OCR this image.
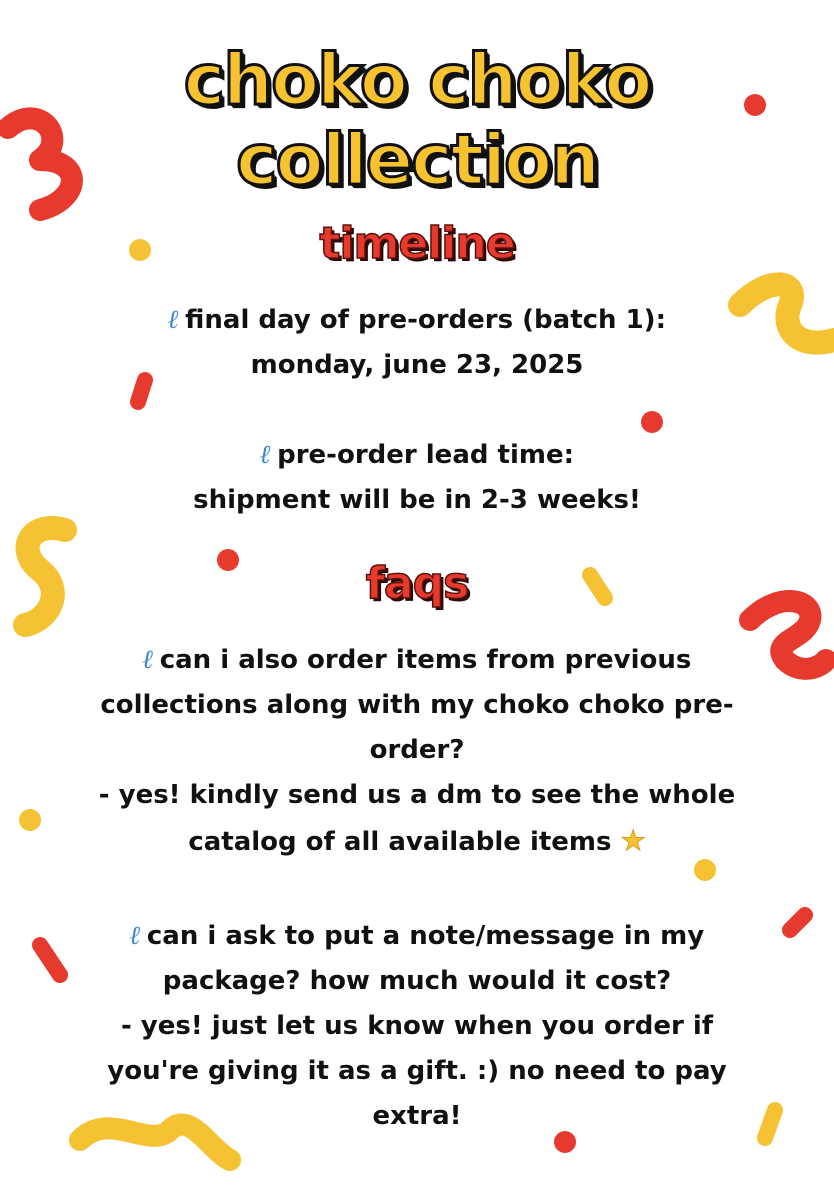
choko choko
collection
timeline

ℓ final day of pre-orders (batch 1):

monday, june 23, 2025

ℓ pre-order lead time:

shipment will be in 2-3 weeks!

faqs

ℓ can i also order items from previous

collections along with my choko choko pre-

order?

- yes! kindly send us a dm to see the whole

catalog of all available items ★

ℓ can i ask to put a note/message in my

package? how much would it cost?

- yes! just let us know when you order if

you're giving it as a gift. :) no need to pay

extra!
